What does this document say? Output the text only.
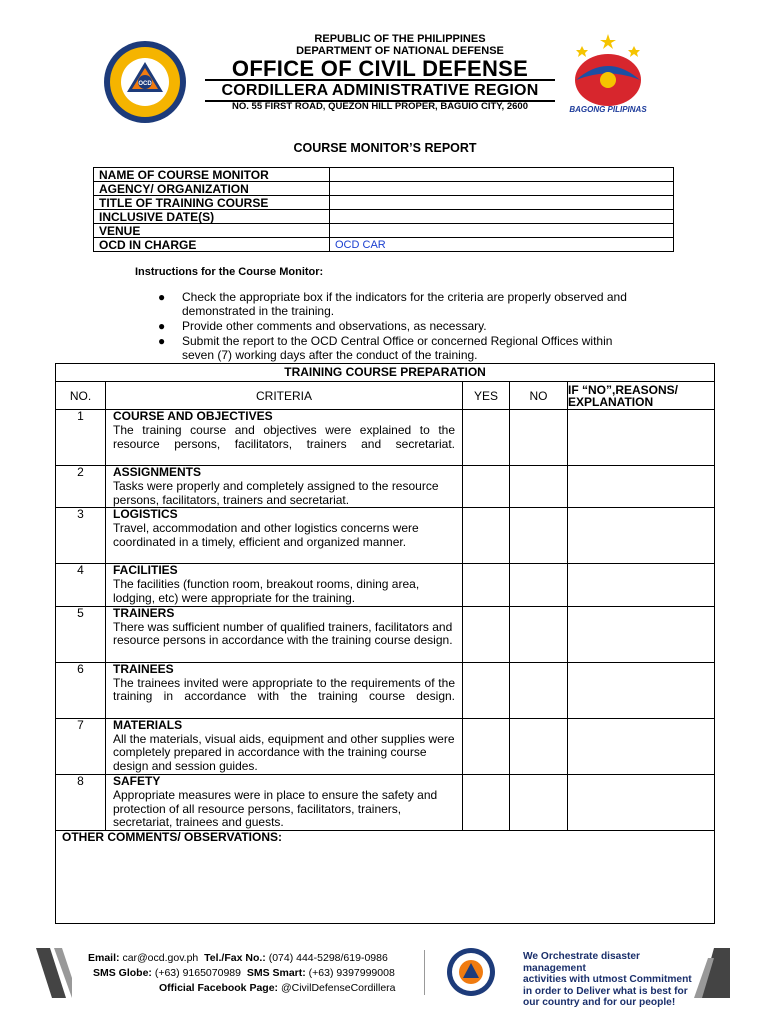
OCD
BAGONG PILIPINAS
REPUBLIC OF THE PHILIPPINES
DEPARTMENT OF NATIONAL DEFENSE
OFFICE OF CIVIL DEFENSE
CORDILLERA ADMINISTRATIVE REGION
NO. 55 FIRST ROAD, QUEZON HILL PROPER, BAGUIO CITY, 2600
COURSE MONITOR’S REPORT
NAME OF COURSE MONITOR	
AGENCY/ ORGANIZATION	
TITLE OF TRAINING COURSE	
INCLUSIVE DATE(S)	
VENUE	
OCD IN CHARGE	OCD CAR
Instructions for the Course Monitor:
● Check the appropriate box if the indicators for the criteria are properly observed and demonstrated in the training.
● Provide other comments and observations, as necessary.
● Submit the report to the OCD Central Office or concerned Regional Offices within seven (7) working days after the conduct of the training.
TRAINING COURSE PREPARATION				
NO.	CRITERIA	YES	NO	IF “NO”,REASONS/ EXPLANATION
1	COURSE AND OBJECTIVES
The training course and objectives were explained to the resource persons, facilitators, trainers and secretariat.			

2	ASSIGNMENTS
Tasks were properly and completely assigned to the resource persons, facilitators, trainers and secretariat.			

3	LOGISTICS
Travel, accommodation and other logistics concerns were coordinated in a timely, efficient and organized manner.			

4	FACILITIES
The facilities (function room, breakout rooms, dining area, lodging, etc) were appropriate for the training.			

5	TRAINERS
There was sufficient number of qualified trainers, facilitators and resource persons in accordance with the training course design.			

6	TRAINEES
The trainees invited were appropriate to the requirements of the training in accordance with the training course design.			

7	MATERIALS
All the materials, visual aids, equipment and other supplies were completely prepared in accordance with the training course design and session guides.			

8	SAFETY
Appropriate measures were in place to ensure the safety and protection of all resource persons, facilitators, trainers, secretariat, trainees and guests.			

OTHER COMMENTS/ OBSERVATIONS:				
Email: car@ocd.gov.ph Tel./Fax No.: (074) 444-5298/619-0986
SMS Globe: (+63) 9165070989 SMS Smart: (+63) 9397999008
Official Facebook Page: @CivilDefenseCordillera
We Orchestrate disaster management
activities with utmost Commitment
in order to Deliver what is best for
our country and for our people!
